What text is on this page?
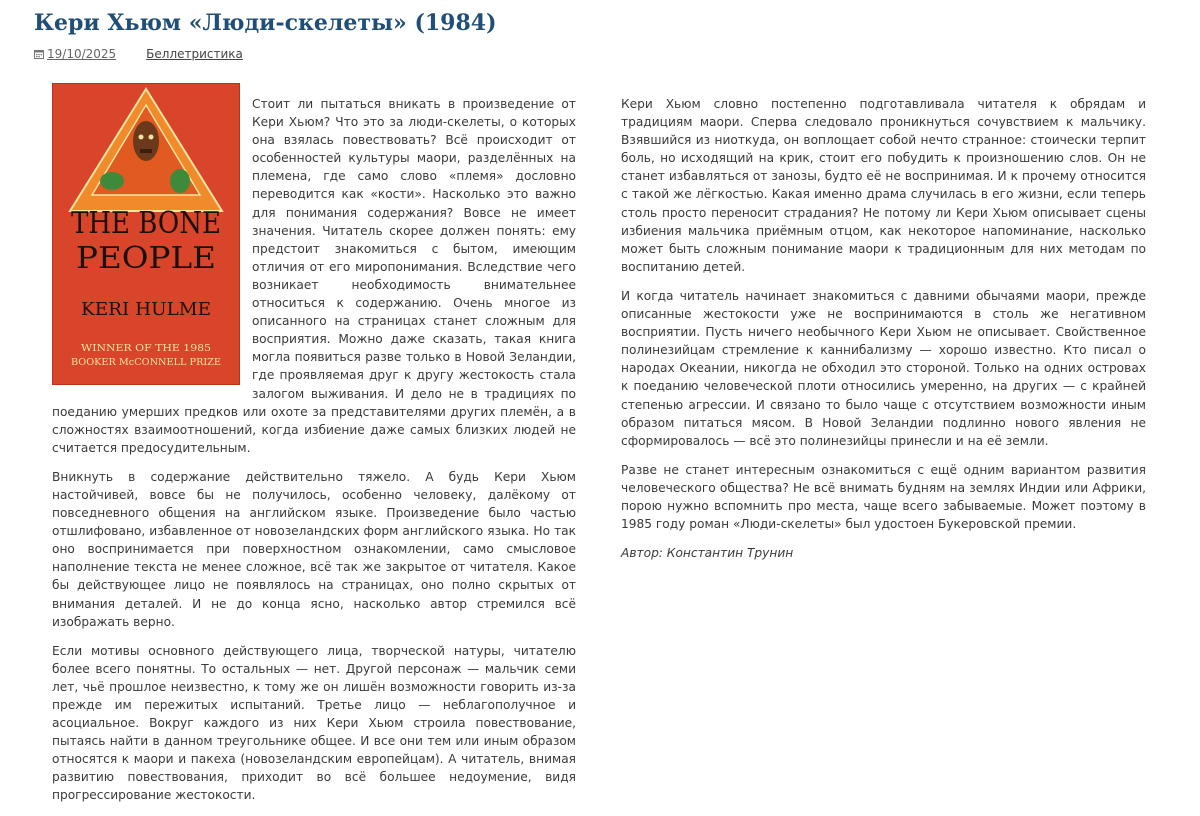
Кери Хьюм «Люди-скелеты» (1984)
19/10/2025	Беллетристика
THE BONE
PEOPLE
KERI HULME
WINNER OF THE 1985
BOOKER McCONNELL PRIZE

Стоит ли пытаться вникать в произведение от Кери Хьюм? Что это за люди-скелеты, о которых она взялась повествовать? Всё происходит от особенностей культуры маори, разделённых на племена, где само слово «племя» дословно переводится как «кости». Насколько это важно для понимания содержания? Вовсе не имеет значения. Читатель скорее должен понять: ему предстоит знакомиться с бытом, имеющим отличия от его миропонимания. Вследствие чего возникает необходимость внимательнее относиться к содержанию. Очень многое из описанного на страницах станет сложным для восприятия. Можно даже сказать, такая книга могла появиться разве только в Новой Зеландии, где проявляемая друг к другу жестокость стала залогом выживания. И дело не в традициях по поеданию умерших предков или охоте за представителями других племён, а в сложностях взаимоотношений, когда избиение даже самых близких людей не считается предосудительным.

Вникнуть в содержание действительно тяжело. А будь Кери Хьюм настойчивей, вовсе бы не получилось, особенно человеку, далёкому от повседневного общения на английском языке. Произведение было частью отшлифовано, избавленное от новозеландских форм английского языка. Но так оно воспринимается при поверхностном ознакомлении, само смысловое наполнение текста не менее сложное, всё так же закрытое от читателя. Какое бы действующее лицо не появлялось на страницах, оно полно скрытых от внимания деталей. И не до конца ясно, насколько автор стремился всё изображать верно.

Если мотивы основного действующего лица, творческой натуры, читателю более всего понятны. То остальных — нет. Другой персонаж — мальчик семи лет, чьё прошлое неизвестно, к тому же он лишён возможности говорить из-за прежде им пережитых испытаний. Третье лицо — неблагополучное и асоциальное. Вокруг каждого из них Кери Хьюм строила повествование, пытаясь найти в данном треугольнике общее. И все они тем или иным образом относятся к маори и пакеха (новозеландским европейцам). А читатель, внимая развитию повествования, приходит во всё большее недоумение, видя прогрессирование жестокости.

Кери Хьюм словно постепенно подготавливала читателя к обрядам и традициям маори. Сперва следовало проникнуться сочувствием к мальчику. Взявшийся из ниоткуда, он воплощает собой нечто странное: стоически терпит боль, но исходящий на крик, стоит его побудить к произношению слов. Он не станет избавляться от занозы, будто её не воспринимая. И к прочему относится с такой же лёгкостью. Какая именно драма случилась в его жизни, если теперь столь просто переносит страдания? Не потому ли Кери Хьюм описывает сцены избиения мальчика приёмным отцом, как некоторое напоминание, насколько может быть сложным понимание маори к традиционным для них методам по воспитанию детей.

И когда читатель начинает знакомиться с давними обычаями маори, прежде описанные жестокости уже не воспринимаются в столь же негативном восприятии. Пусть ничего необычного Кери Хьюм не описывает. Свойственное полинезийцам стремление к каннибализму — хорошо известно. Кто писал о народах Океании, никогда не обходил это стороной. Только на одних островах к поеданию человеческой плоти относились умеренно, на других — с крайней степенью агрессии. И связано то было чаще с отсутствием возможности иным образом питаться мясом. В Новой Зеландии подлинно нового явления не сформировалось — всё это полинезийцы принесли и на её земли.

Разве не станет интересным ознакомиться с ещё одним вариантом развития человеческого общества? Не всё внимать будням на землях Индии или Африки, порою нужно вспомнить про места, чаще всего забываемые. Может поэтому в 1985 году роман «Люди-скелеты» был удостоен Букеровской премии.

Автор: Константин Трунин
